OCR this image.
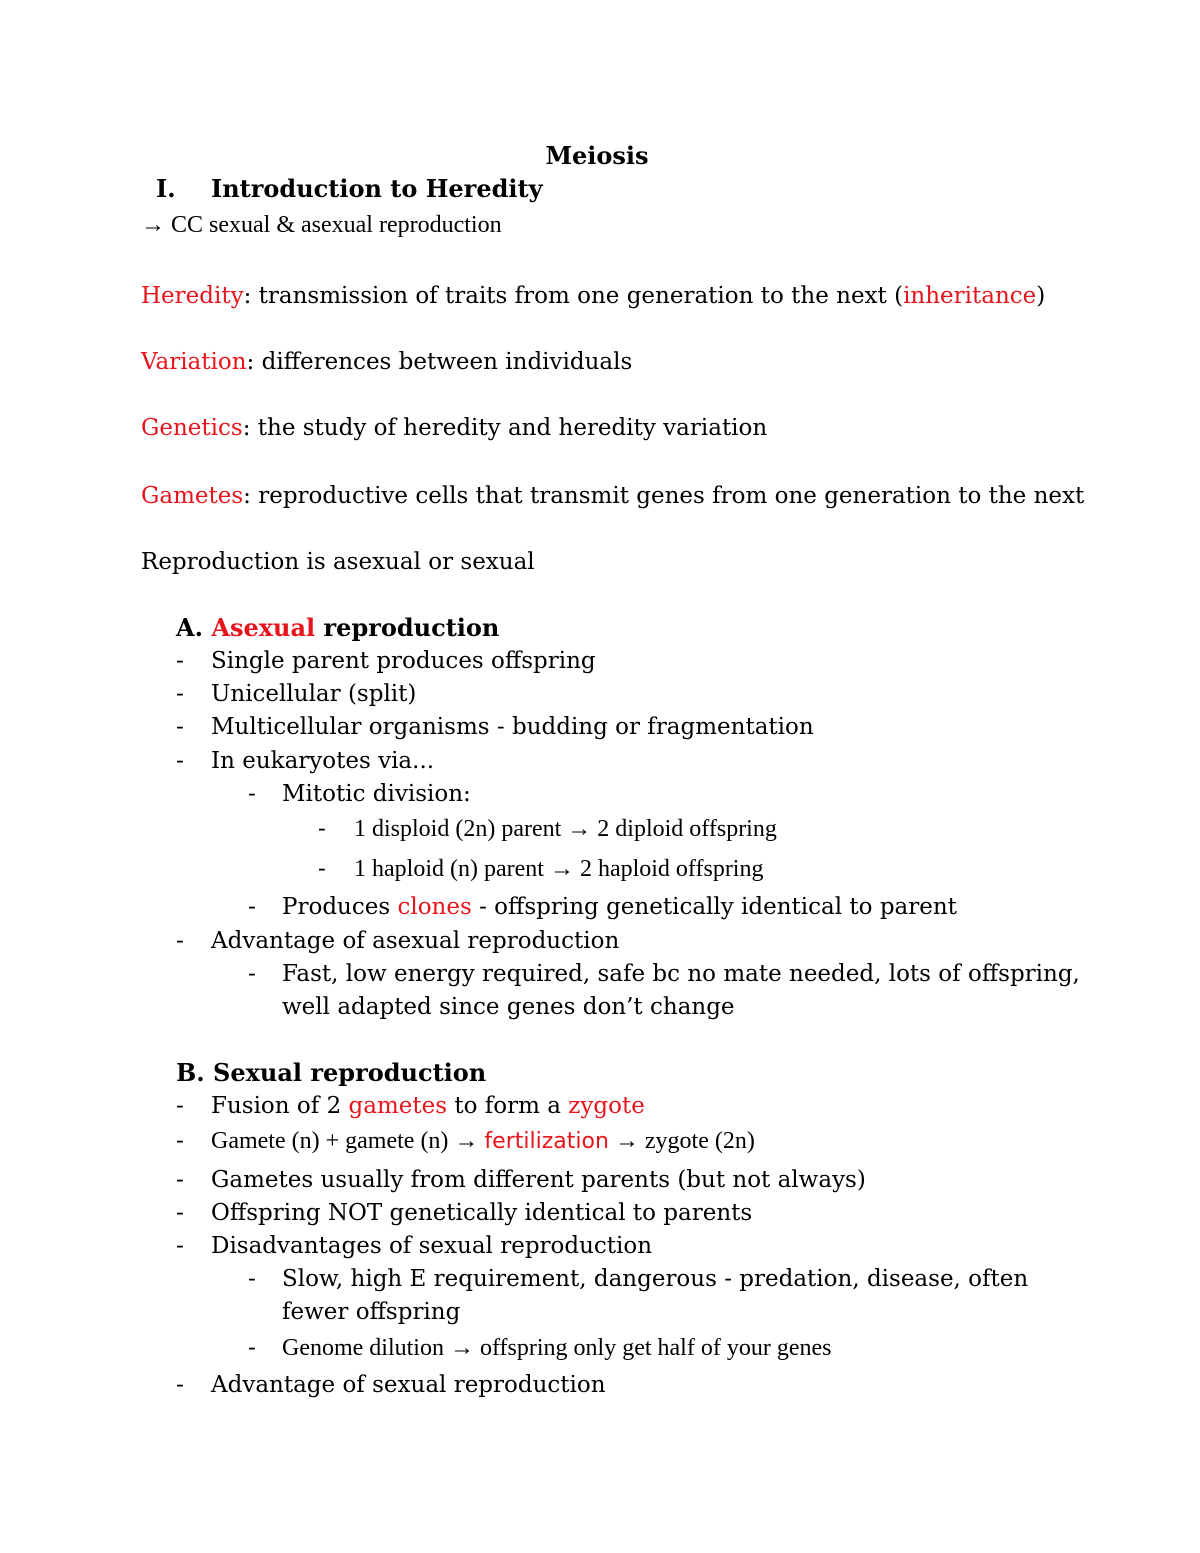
Meiosis
I. Introduction to Heredity
→ CC sexual & asexual reproduction
Heredity: transmission of traits from one generation to the next (inheritance)
Variation: differences between individuals
Genetics: the study of heredity and heredity variation
Gametes: reproductive cells that transmit genes from one generation to the next
Reproduction is asexual or sexual
A. Asexual reproduction
- Single parent produces offspring
- Unicellular (split)
- Multicellular organisms - budding or fragmentation
- In eukaryotes via...
- Mitotic division:
- 1 disploid (2n) parent → 2 diploid offspring
- 1 haploid (n) parent → 2 haploid offspring
- Produces clones - offspring genetically identical to parent
- Advantage of asexual reproduction
- Fast, low energy required, safe bc no mate needed, lots of offspring,
well adapted since genes don’t change
B. Sexual reproduction
- Fusion of 2 gametes to form a zygote
- Gamete (n) + gamete (n) → fertilization → zygote (2n)
- Gametes usually from different parents (but not always)
- Offspring NOT genetically identical to parents
- Disadvantages of sexual reproduction
- Slow, high E requirement, dangerous - predation, disease, often
fewer offspring
- Genome dilution → offspring only get half of your genes
- Advantage of sexual reproduction
